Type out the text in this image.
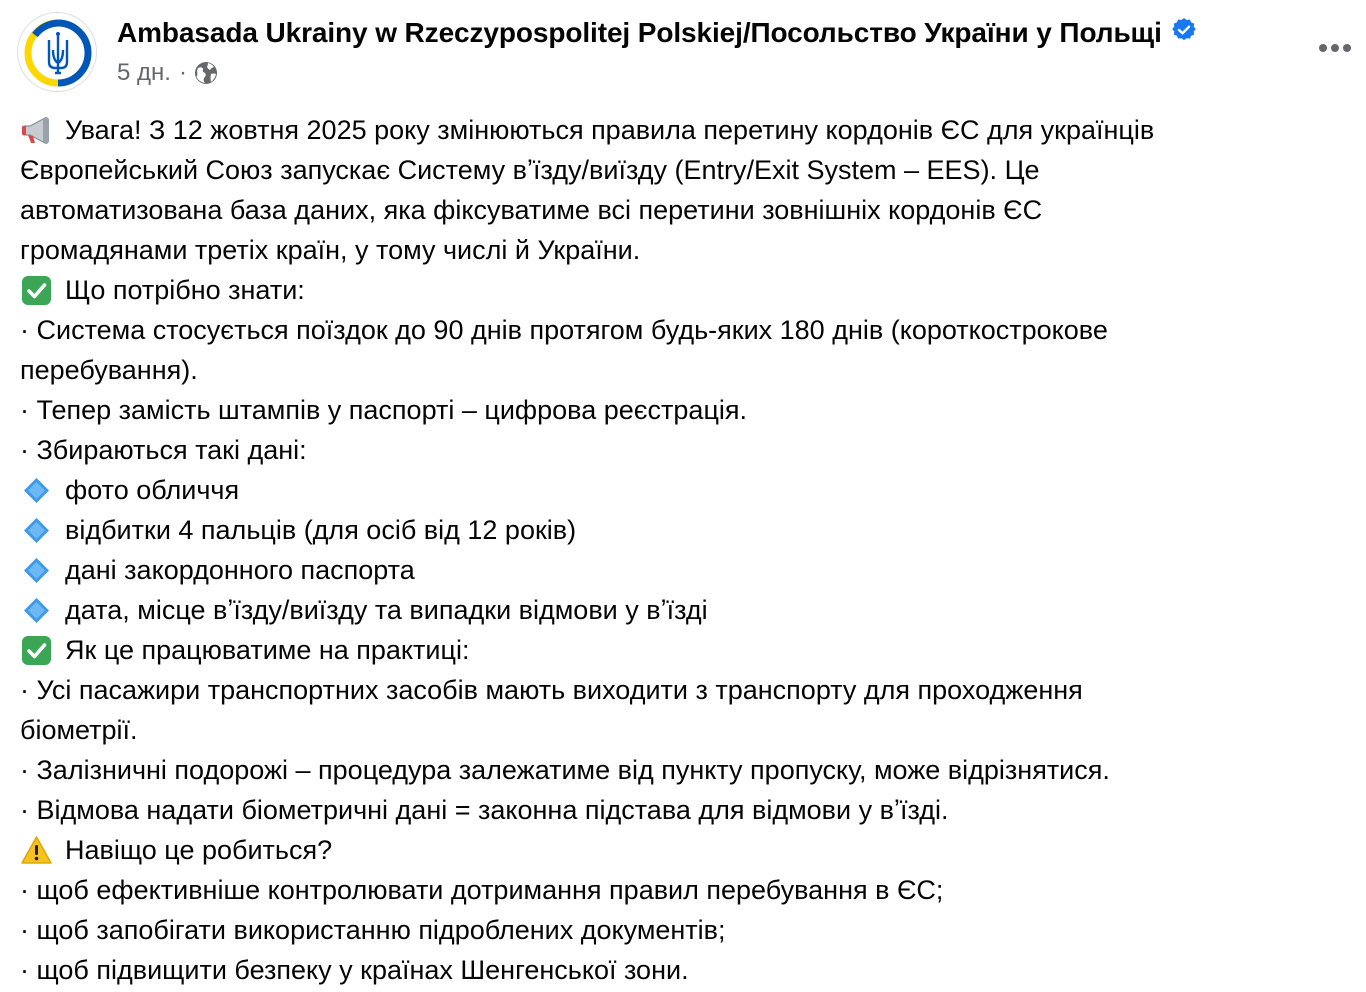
Ambasada Ukrainy w Rzeczypospolitej Polskiej/Посольство України у Польщі
5 дн. ·
Увага! З 12 жовтня 2025 року змінюються правила перетину кордонів ЄС для українців
Європейський Союз запускає Систему вʼїзду/виїзду (Entry/Exit System – EES). Це
автоматизована база даних, яка фіксуватиме всі перетини зовнішніх кордонів ЄС
громадянами третіх країн, у тому числі й України.
Що потрібно знати:
· Система стосується поїздок до 90 днів протягом будь-яких 180 днів (короткострокове
перебування).
· Тепер замість штампів у паспорті – цифрова реєстрація.
· Збираються такі дані:
фото обличчя
відбитки 4 пальців (для осіб від 12 років)
дані закордонного паспорта
дата, місце вʼїзду/виїзду та випадки відмови у вʼїзді
Як це працюватиме на практиці:
· Усі пасажири транспортних засобів мають виходити з транспорту для проходження
біометрії.
· Залізничні подорожі – процедура залежатиме від пункту пропуску, може відрізнятися.
· Відмова надати біометричні дані = законна підстава для відмови у вʼїзді.
Навіщо це робиться?
· щоб ефективніше контролювати дотримання правил перебування в ЄС;
· щоб запобігати використанню підроблених документів;
· щоб підвищити безпеку у країнах Шенгенської зони.
